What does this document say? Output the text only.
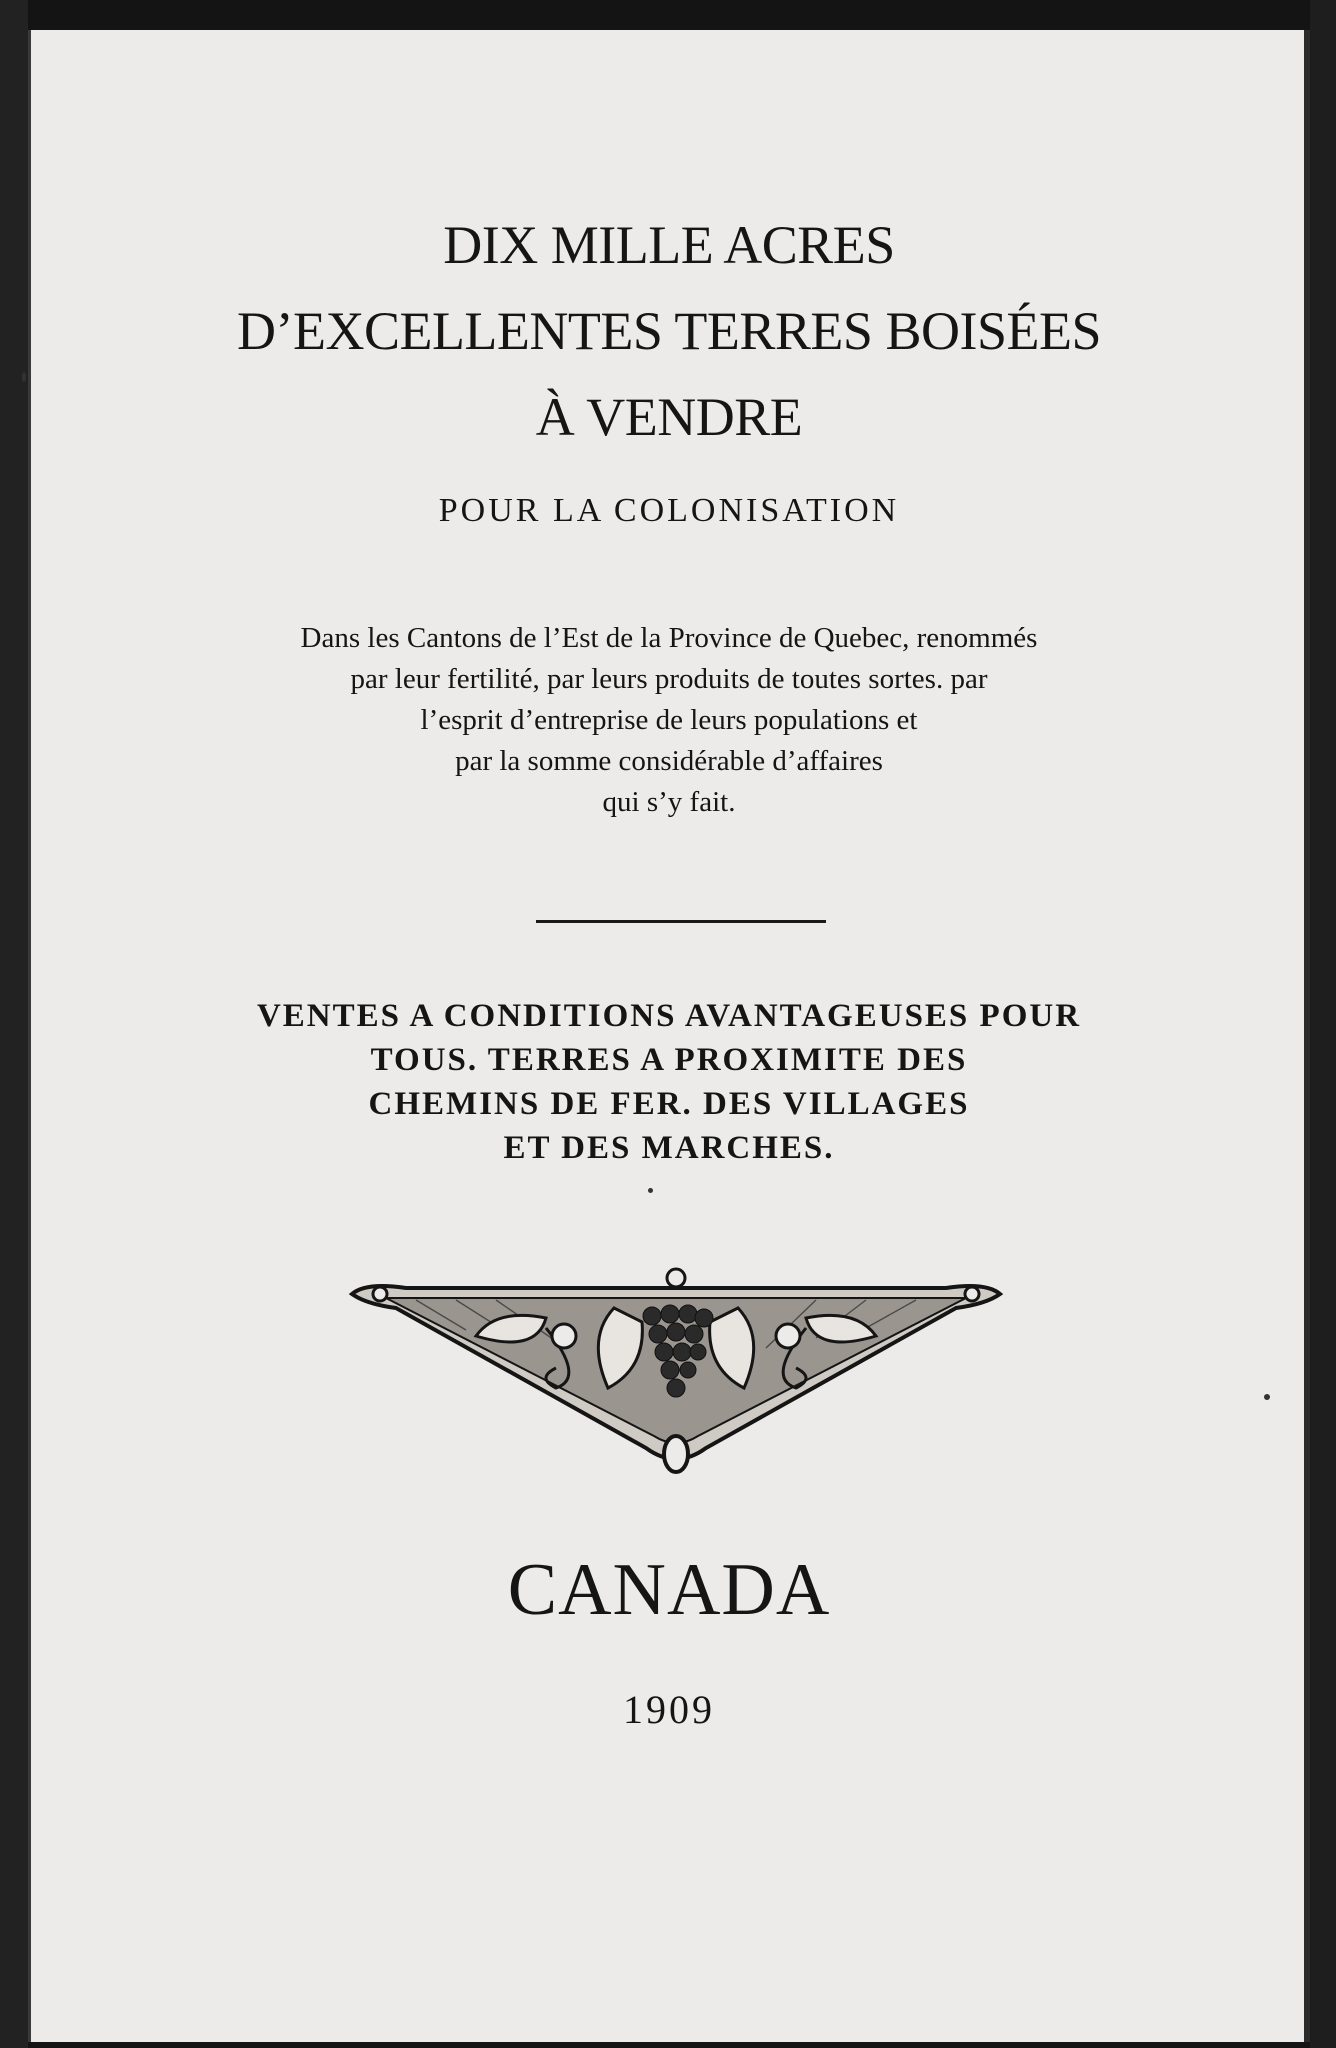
DIX MILLE ACRES
D’EXCELLENTES TERRES BOISÉES
À VENDRE
POUR LA COLONISATION
Dans les Cantons de l’Est de la Province de Quebec, renommés
par leur fertilité, par leurs produits de toutes sortes. par
l’esprit d’entreprise de leurs populations et
par la somme considérable d’affaires
qui s’y fait.
VENTES A CONDITIONS AVANTAGEUSES POUR
TOUS. TERRES A PROXIMITE DES
CHEMINS DE FER. DES VILLAGES
ET DES MARCHES.
CANADA
1909
